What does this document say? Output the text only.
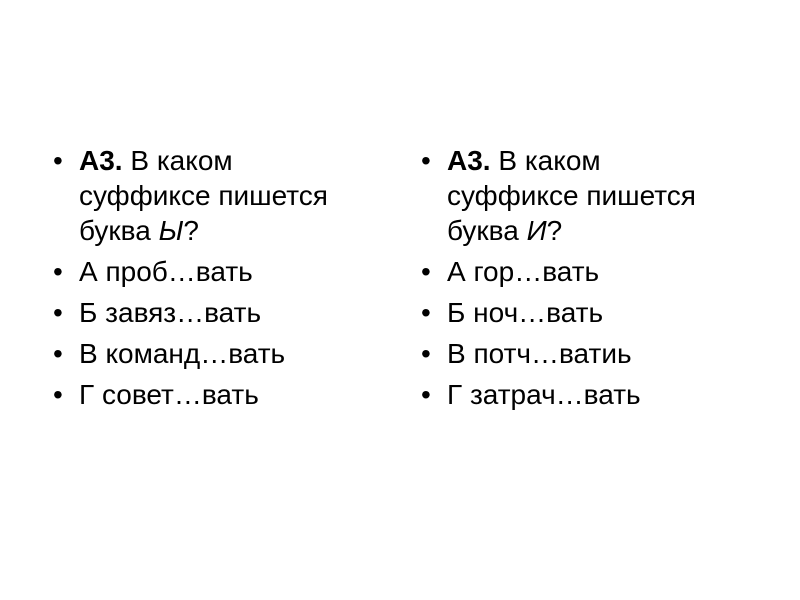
• А3. В каком
суффиксе пишется
буква Ы?
• А проб…вать
• Б завяз…вать
• В команд…вать
• Г совет…вать
• А3. В каком
суффиксе пишется
буква И?
• А гор…вать
• Б ноч…вать
• В потч…ватиь
• Г затрач…вать
